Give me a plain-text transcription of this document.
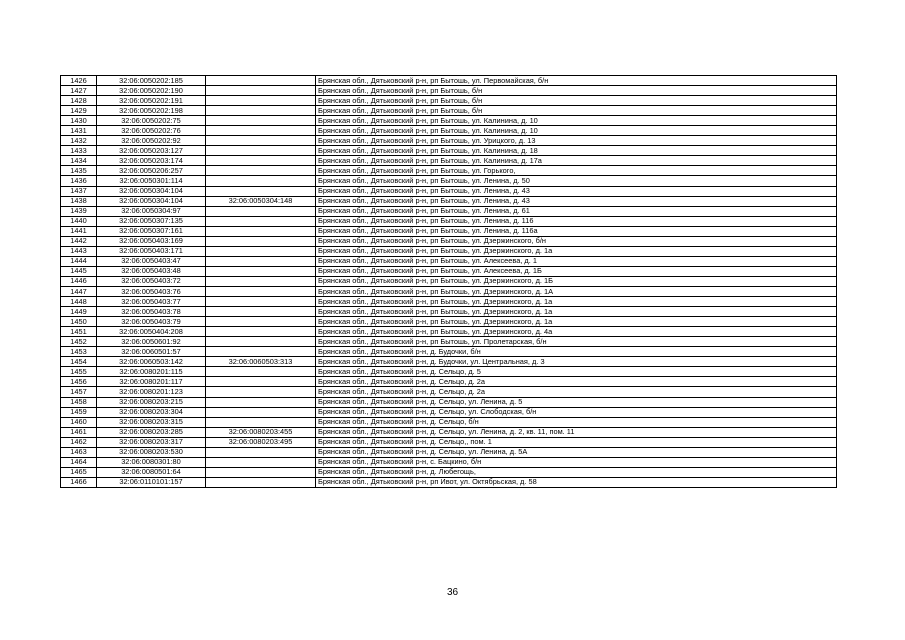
1426	32:06:0050202:185		Брянская обл., Дятьковский р-н, рп Бытошь, ул. Первомайская, б/н
1427	32:06:0050202:190		Брянская обл., Дятьковский р-н, рп Бытошь, б/н
1428	32:06:0050202:191		Брянская обл., Дятьковский р-н, рп Бытошь, б/н
1429	32:06:0050202:198		Брянская обл., Дятьковский р-н, рп Бытошь, б/н
1430	32:06:0050202:75		Брянская обл., Дятьковский р-н, рп Бытошь, ул. Калинина, д. 10
1431	32:06:0050202:76		Брянская обл., Дятьковский р-н, рп Бытошь, ул. Калинина, д. 10
1432	32:06:0050202:92		Брянская обл., Дятьковский р-н, рп Бытошь, ул. Урицкого, д. 13
1433	32:06:0050203:127		Брянская обл., Дятьковский р-н, рп Бытошь, ул. Калинина, д. 18
1434	32:06:0050203:174		Брянская обл., Дятьковский р-н, рп Бытошь, ул. Калинина, д. 17а
1435	32:06:0050206:257		Брянская обл., Дятьковский р-н, рп Бытошь, ул. Горького,
1436	32:06:0050301:114		Брянская обл., Дятьковский р-н, рп Бытошь, ул. Ленина, д. 50
1437	32:06:0050304:104		Брянская обл., Дятьковский р-н, рп Бытошь, ул. Ленина, д. 43
1438	32:06:0050304:104	32:06:0050304:148	Брянская обл., Дятьковский р-н, рп Бытошь, ул. Ленина, д. 43
1439	32:06:0050304:97		Брянская обл., Дятьковский р-н, рп Бытошь, ул. Ленина, д. 61
1440	32:06:0050307:135		Брянская обл., Дятьковский р-н, рп Бытошь, ул. Ленина, д. 116
1441	32:06:0050307:161		Брянская обл., Дятьковский р-н, рп Бытошь, ул. Ленина, д. 116а
1442	32:06:0050403:169		Брянская обл., Дятьковский р-н, рп Бытошь, ул. Дзержинского, б/н
1443	32:06:0050403:171		Брянская обл., Дятьковский р-н, рп Бытошь, ул. Дзержинского, д. 1а
1444	32:06:0050403:47		Брянская обл., Дятьковский р-н, рп Бытошь, ул. Алексеева, д. 1
1445	32:06:0050403:48		Брянская обл., Дятьковский р-н, рп Бытошь, ул. Алексеева, д. 1Б
1446	32:06:0050403:72		Брянская обл., Дятьковский р-н, рп Бытошь, ул. Дзержинского, д. 1Б
1447	32:06:0050403:76		Брянская обл., Дятьковский р-н, рп Бытошь, ул. Дзержинского, д. 1А
1448	32:06:0050403:77		Брянская обл., Дятьковский р-н, рп Бытошь, ул. Дзержинского, д. 1а
1449	32:06:0050403:78		Брянская обл., Дятьковский р-н, рп Бытошь, ул. Дзержинского, д. 1а
1450	32:06:0050403:79		Брянская обл., Дятьковский р-н, рп Бытошь, ул. Дзержинского, д. 1а
1451	32:06:0050404:208		Брянская обл., Дятьковский р-н, рп Бытошь, ул. Дзержинского, д. 4а
1452	32:06:0050601:92		Брянская обл., Дятьковский р-н, рп Бытошь, ул. Пролетарская, б/н
1453	32:06:0060501:57		Брянская обл., Дятьковский р-н, д. Будочки, б/н
1454	32:06:0060503:142	32:06:0060503:313	Брянская обл., Дятьковский р-н, д. Будочки, ул. Центральная, д. 3
1455	32:06:0080201:115		Брянская обл., Дятьковский р-н, д. Сельцо, д. 5
1456	32:06:0080201:117		Брянская обл., Дятьковский р-н, д. Сельцо, д. 2а
1457	32:06:0080201:123		Брянская обл., Дятьковский р-н, д. Сельцо, д. 2а
1458	32:06:0080203:215		Брянская обл., Дятьковский р-н, д. Сельцо, ул. Ленина, д. 5
1459	32:06:0080203:304		Брянская обл., Дятьковский р-н, д. Сельцо, ул. Слободская, б/н
1460	32:06:0080203:315		Брянская обл., Дятьковский р-н, д. Сельцо, б/н
1461	32:06:0080203:285	32:06:0080203:455	Брянская обл., Дятьковский р-н, д. Сельцо, ул. Ленина, д. 2, кв. 11, пом. 11
1462	32:06:0080203:317	32:06:0080203:495	Брянская обл., Дятьковский р-н, д. Сельцо,, пом. 1
1463	32:06:0080203:530		Брянская обл., Дятьковский р-н, д. Сельцо, ул. Ленина, д. 5А
1464	32:06:0080301:80		Брянская обл., Дятьковский р-н, с. Бацкино, б/н
1465	32:06:0080501:64		Брянская обл., Дятьковский р-н, д. Любегощь,
1466	32:06:0110101:157		Брянская обл., Дятьковский р-н, рп Ивот, ул. Октябрьская, д. 58
36
